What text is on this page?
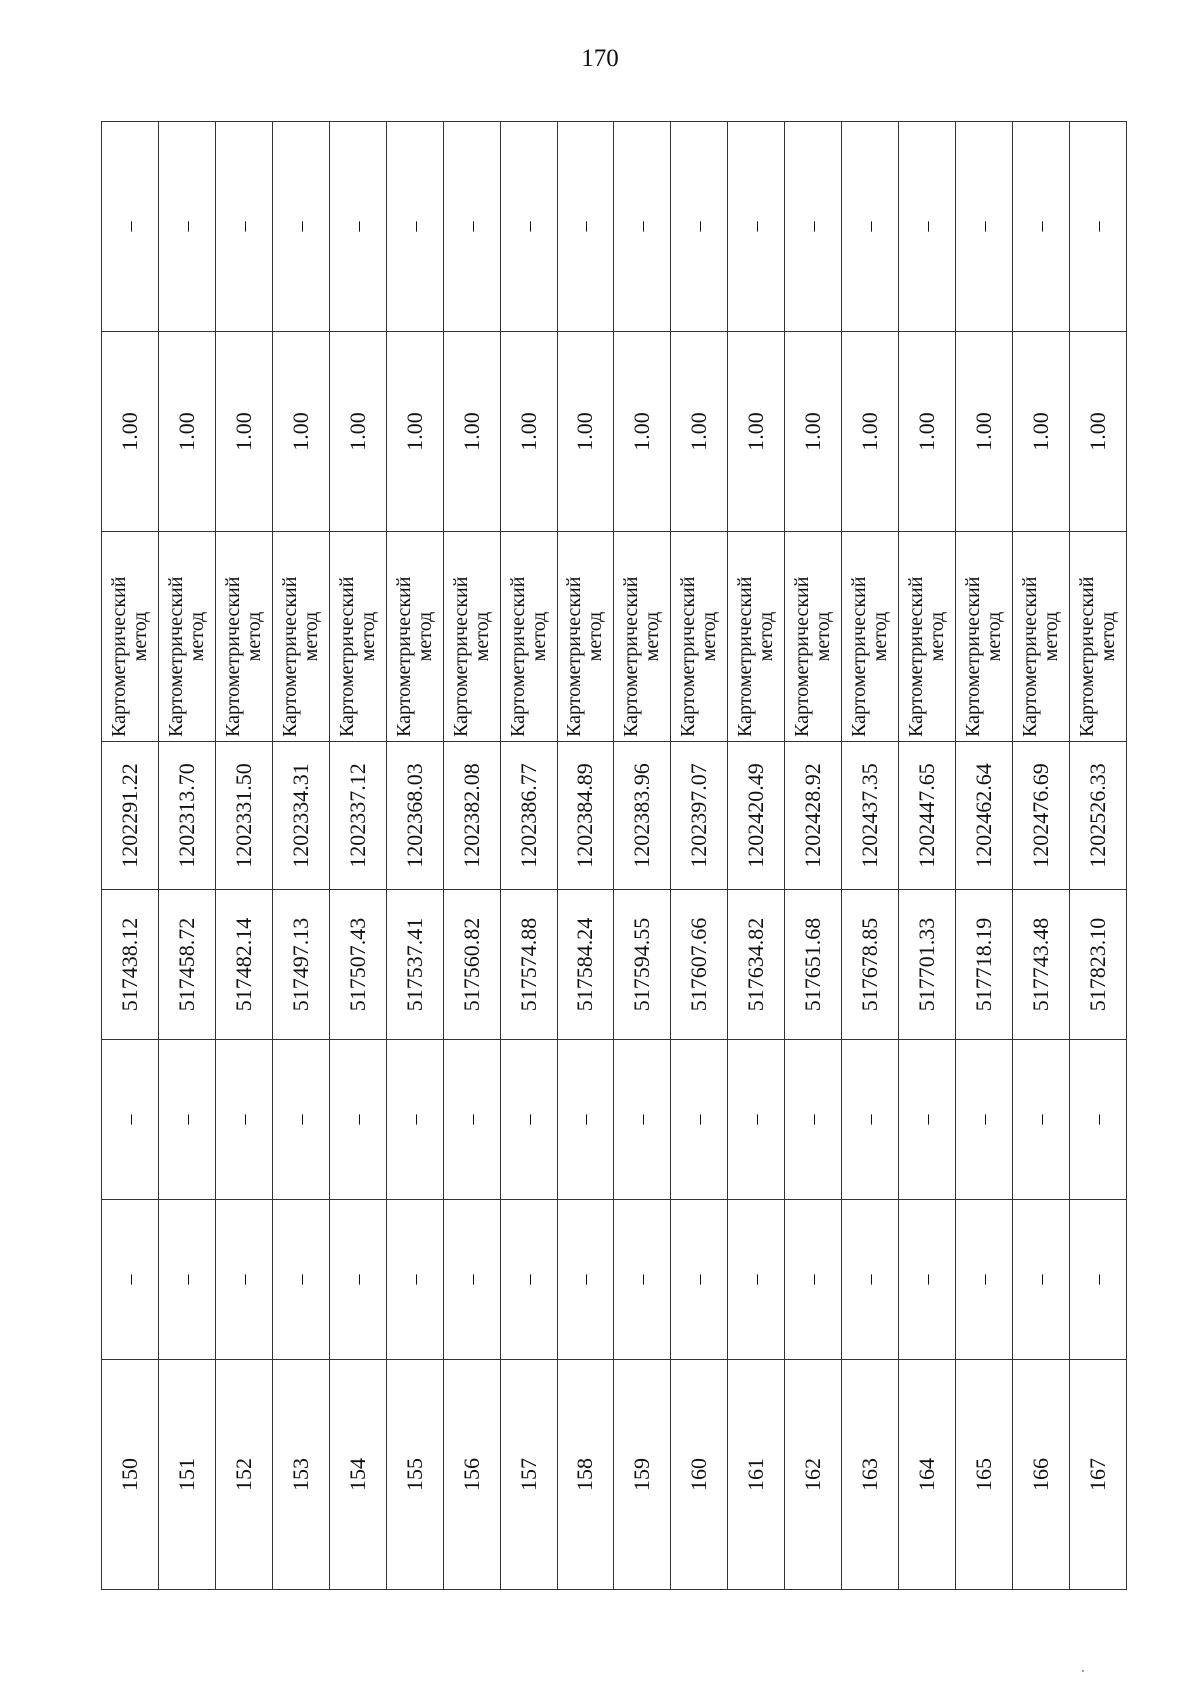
170
150	–	–	517438.12	1202291.22	Картометрический метод	1.00	–
151	–	–	517458.72	1202313.70	Картометрический метод	1.00	–
152	–	–	517482.14	1202331.50	Картометрический метод	1.00	–
153	–	–	517497.13	1202334.31	Картометрический метод	1.00	–
154	–	–	517507.43	1202337.12	Картометрический метод	1.00	–
155	–	–	517537.41	1202368.03	Картометрический метод	1.00	–
156	–	–	517560.82	1202382.08	Картометрический метод	1.00	–
157	–	–	517574.88	1202386.77	Картометрический метод	1.00	–
158	–	–	517584.24	1202384.89	Картометрический метод	1.00	–
159	–	–	517594.55	1202383.96	Картометрический метод	1.00	–
160	–	–	517607.66	1202397.07	Картометрический метод	1.00	–
161	–	–	517634.82	1202420.49	Картометрический метод	1.00	–
162	–	–	517651.68	1202428.92	Картометрический метод	1.00	–
163	–	–	517678.85	1202437.35	Картометрический метод	1.00	–
164	–	–	517701.33	1202447.65	Картометрический метод	1.00	–
165	–	–	517718.19	1202462.64	Картометрический метод	1.00	–
166	–	–	517743.48	1202476.69	Картометрический метод	1.00	–
167	–	–	517823.10	1202526.33	Картометрический метод	1.00	–
